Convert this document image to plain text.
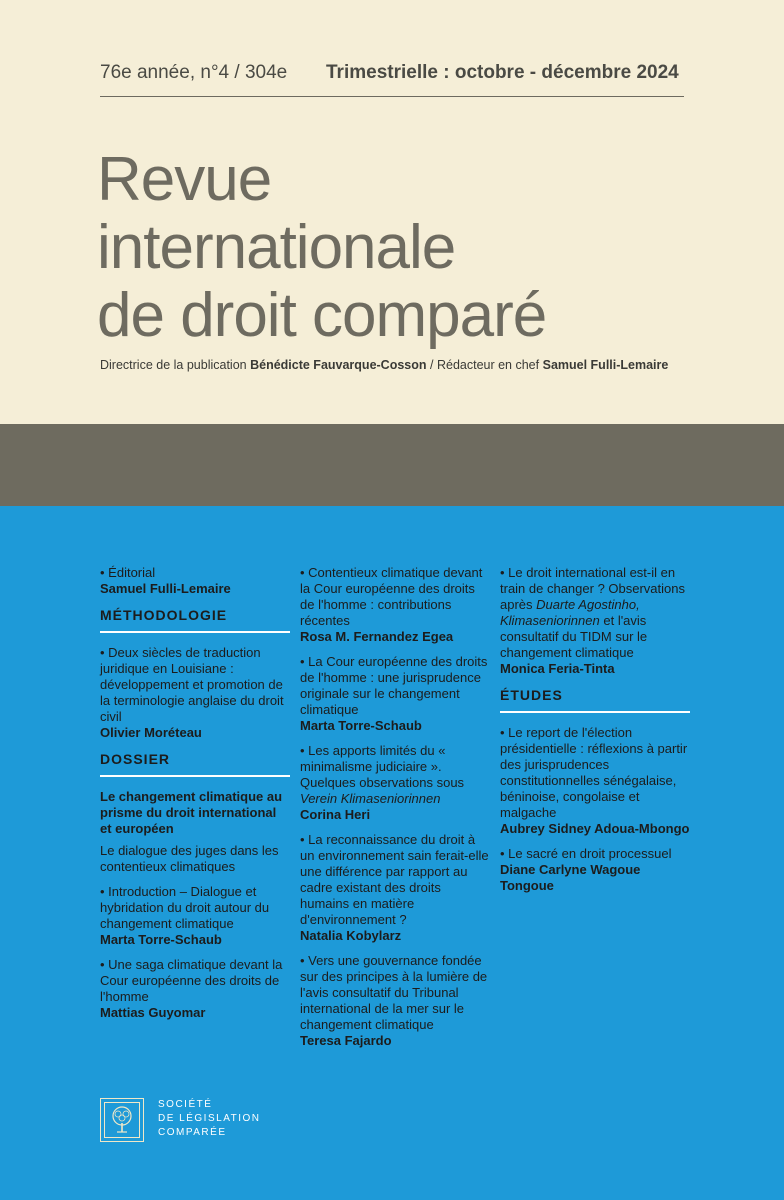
76e année, n°4 / 304e Trimestrielle : octobre - décembre 2024
Revue
internationale
de droit comparé
Directrice de la publication Bénédicte Fauvarque-Cosson / Rédacteur en chef Samuel Fulli-Lemaire
• Éditorial
Samuel Fulli-Lemaire
MÉTHODOLOGIE
• Deux siècles de traduction juridique en Louisiane : développement et promotion de la terminologie anglaise du droit civil
Olivier Moréteau
DOSSIER
Le changement climatique au prisme du droit international et européen
Le dialogue des juges dans les contentieux climatiques
• Introduction – Dialogue et hybridation du droit autour du changement climatique
Marta Torre-Schaub
• Une saga climatique devant la Cour européenne des droits de l'homme
Mattias Guyomar
• Contentieux climatique devant la Cour européenne des droits de l'homme : contributions récentes
Rosa M. Fernandez Egea
• La Cour européenne des droits de l'homme : une jurisprudence originale sur le changement climatique
Marta Torre-Schaub
• Les apports limités du « minimalisme judiciaire ». Quelques observations sous Verein Klimaseniorinnen
Corina Heri
• La reconnaissance du droit à un environnement sain ferait-elle une différence par rapport au cadre existant des droits humains en matière d'environnement ?
Natalia Kobylarz
• Vers une gouvernance fondée sur des principes à la lumière de l'avis consultatif du Tribunal international de la mer sur le changement climatique
Teresa Fajardo
• Le droit international est-il en train de changer ? Observations après Duarte Agostinho, Klimaseniorinnen et l'avis consultatif du TIDM sur le changement climatique
Monica Feria-Tinta
ÉTUDES
• Le report de l'élection présidentielle : réflexions à partir des jurisprudences constitutionnelles sénégalaise, béninoise, congolaise et malgache
Aubrey Sidney Adoua-Mbongo
• Le sacré en droit processuel
Diane Carlyne Wagoue Tongoue
SOCIÉTÉ
DE LÉGISLATION
COMPARÉE
